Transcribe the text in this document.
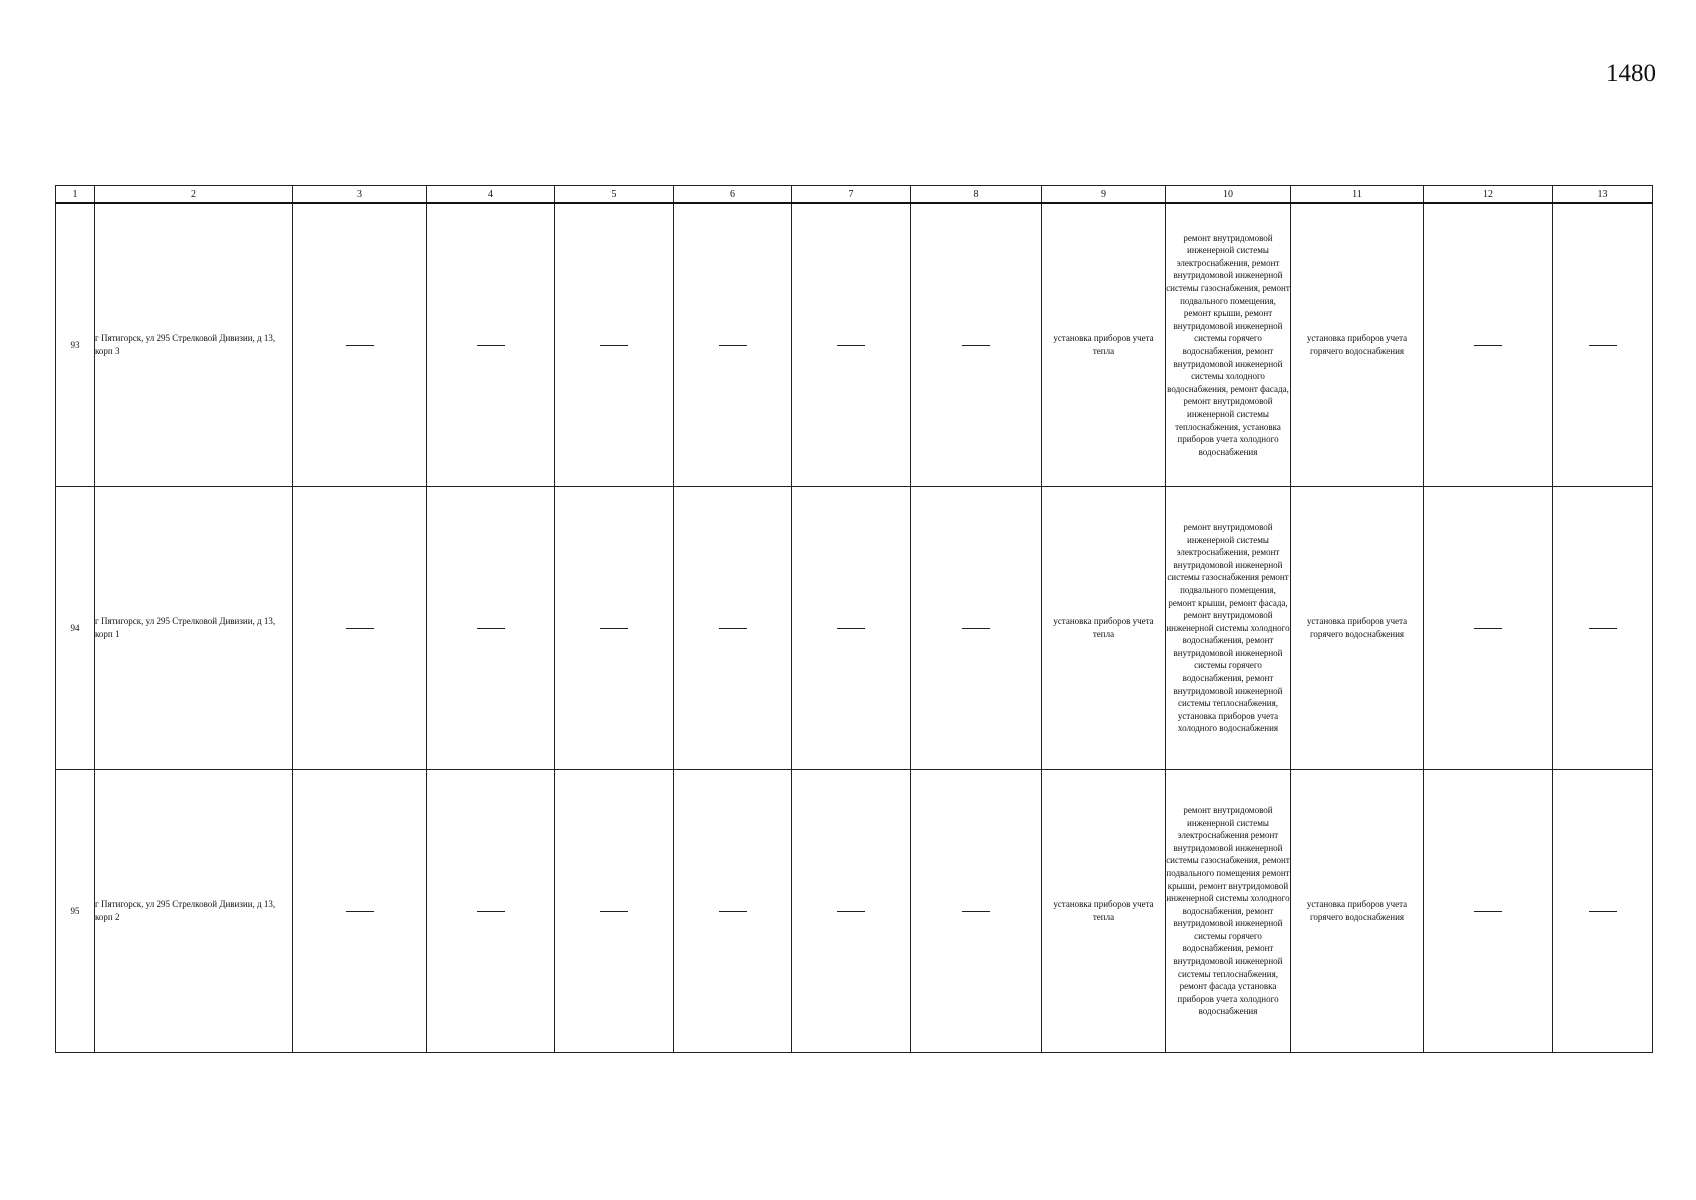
1480
1	2	3	4	5	6	7	8	9	10	11	12	13
93	г Пятигорск, ул 295 Стрелковой Дивизии, д 13, корп 3							установка приборов учета тепла	ремонт внутридомовой инженерной системы электроснабжения, ремонт внутридомовой инженерной системы газоснабжения, ремонт подвального помещения, ремонт крыши, ремонт внутридомовой инженерной системы горячего водоснабжения, ремонт внутридомовой инженерной системы холодного водоснабжения, ремонт фасада, ремонт внутридомовой инженерной системы теплоснабжения, установка приборов учета холодного водоснабжения	установка приборов учета горячего водоснабжения		
94	г Пятигорск, ул 295 Стрелковой Дивизии, д 13, корп 1							установка приборов учета тепла	ремонт внутридомовой инженерной системы электроснабжения, ремонт внутридомовой инженерной системы газоснабжения ремонт подвального помещения, ремонт крыши, ремонт фасада, ремонт внутридомовой инженерной системы холодного водоснабжения, ремонт внутридомовой инженерной системы горячего водоснабжения, ремонт внутридомовой инженерной системы теплоснабжения, установка приборов учета холодного водоснабжения	установка приборов учета горячего водоснабжения		
95	г Пятигорск, ул 295 Стрелковой Дивизии, д 13, корп 2							установка приборов учета тепла	ремонт внутридомовой инженерной системы электроснабжения ремонт внутридомовой инженерной системы газоснабжения, ремонт подвального помещения ремонт крыши, ремонт внутридомовой инженерной системы холодного водоснабжения, ремонт внутридомовой инженерной системы горячего водоснабжения, ремонт внутридомовой инженерной системы теплоснабжения, ремонт фасада установка приборов учета холодного водоснабжения	установка приборов учета горячего водоснабжения		
